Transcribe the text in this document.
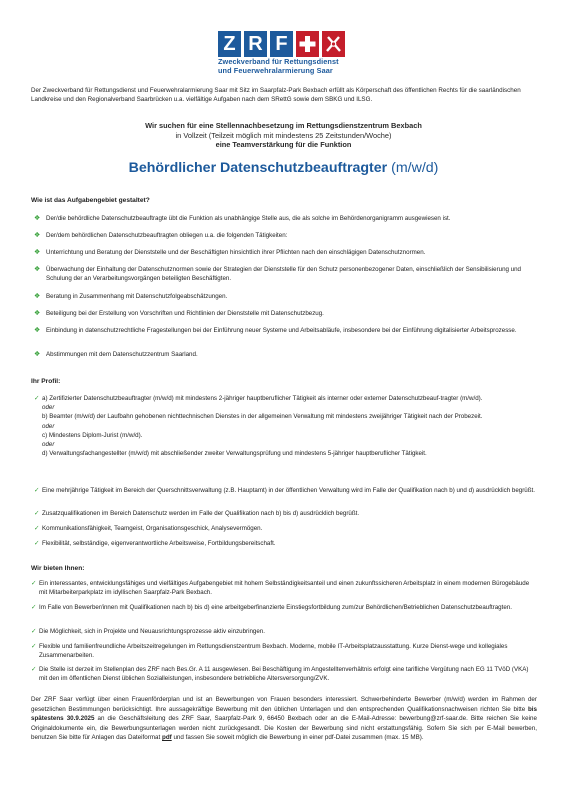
Z R F
Zweckverband für Rettungsdienst
und Feuerwehralarmierung Saar

Der Zweckverband für Rettungsdienst und Feuerwehralarmierung Saar mit Sitz im Saarpfalz-Park Bexbach erfüllt als Körperschaft des öffentlichen Rechts für die saarländischen Landkreise und den Regionalverband Saarbrücken u.a. vielfältige Aufgaben nach dem SRettG sowie dem SBKG und ILSG.

Wir suchen für eine Stellennachbesetzung im Rettungsdienstzentrum Bexbach
in Vollzeit (Teilzeit möglich mit mindestens 25 Zeitstunden/Woche)
eine Teamverstärkung für die Funktion
Behördlicher Datenschutzbeauftragter (m/w/d)
Wie ist das Aufgabengebiet gestaltet?
❖ Der/die behördliche Datenschutzbeauftragte übt die Funktion als unabhängige Stelle aus, die als solche im Behördenorganigramm ausgewiesen ist.
❖ Der/dem behördlichen Datenschutzbeauftragten obliegen u.a. die folgenden Tätigkeiten:
❖ Unterrichtung und Beratung der Dienststelle und der Beschäftigten hinsichtlich ihrer Pflichten nach den einschlägigen Datenschutznormen.
❖ Überwachung der Einhaltung der Datenschutznormen sowie der Strategien der Dienststelle für den Schutz personenbezogener Daten, einschließlich der Sensibilisierung und Schulung der an Verarbeitungsvorgängen beteiligten Beschäftigten.
❖ Beratung in Zusammenhang mit Datenschutzfolgeabschätzungen.
❖ Beteiligung bei der Erstellung von Vorschriften und Richtlinien der Dienststelle mit Datenschutzbezug.
❖ Einbindung in datenschutzrechtliche Fragestellungen bei der Einführung neuer Systeme und Arbeitsabläufe, insbesondere bei der Einführung digitalisierter Arbeitsprozesse.
❖ Abstimmungen mit dem Datenschutzzentrum Saarland.
Ihr Profil:
✓ a) Zertifizierter Datenschutzbeauftragter (m/w/d) mit mindestens 2-jähriger hauptberuflicher Tätigkeit als interner oder externer Datenschutzbeauf-tragter (m/w/d).
oder
b) Beamter (m/w/d) der Laufbahn gehobenen nichttechnischen Dienstes in der allgemeinen Verwaltung mit mindestens zweijähriger Tätigkeit nach der Probezeit.
oder
c) Mindestens Diplom-Jurist (m/w/d).
oder
d) Verwaltungsfachangestellter (m/w/d) mit abschließender zweiter Verwaltungsprüfung und mindestens 5-jähriger hauptberuflicher Tätigkeit.
✓ Eine mehrjährige Tätigkeit im Bereich der Querschnittsverwaltung (z.B. Hauptamt) in der öffentlichen Verwaltung wird im Falle der Qualifikation nach b) und d) ausdrücklich begrüßt.
✓ Zusatzqualifikationen im Bereich Datenschutz werden im Falle der Qualifikation nach b) bis d) ausdrücklich begrüßt.
✓ Kommunikationsfähigkeit, Teamgeist, Organisationsgeschick, Analysevermögen.
✓ Flexibilität, selbständige, eigenverantwortliche Arbeitsweise, Fortbildungsbereitschaft.
Wir bieten Ihnen:
✓ Ein interessantes, entwicklungsfähiges und vielfältiges Aufgabengebiet mit hohem Selbständigkeitsanteil und einen zukunftssicheren Arbeitsplatz in einem modernen Bürogebäude mit Mitarbeiterparkplatz im idyllischen Saarpfalz-Park Bexbach.
✓ Im Falle von Bewerber/innen mit Qualifikationen nach b) bis d) eine arbeitgeberfinanzierte Einstiegsfortbildung zum/zur Behördlichen/Betrieblichen Datenschutzbeauftragten.
✓ Die Möglichkeit, sich in Projekte und Neuausrichtungsprozesse aktiv einzubringen.
✓ Flexible und familienfreundliche Arbeitszeitregelungen im Rettungsdienstzentrum Bexbach. Moderne, mobile IT-Arbeitsplatzausstattung. Kurze Dienst-wege und kollegiales Zusammenarbeiten.
✓ Die Stelle ist derzeit im Stellenplan des ZRF nach Bes.Gr. A 11 ausgewiesen. Bei Beschäftigung im Angestelltenverhältnis erfolgt eine tarifliche Vergütung nach EG 11 TVöD (VKA) mit den im öffentlichen Dienst üblichen Sozialleistungen, insbesondere betriebliche Altersversorgung/ZVK.

Der ZRF Saar verfügt über einen Frauenförderplan und ist an Bewerbungen von Frauen besonders interessiert. Schwerbehinderte Bewerber (m/w/d) werden im Rahmen der gesetzlichen Bestimmungen berücksichtigt. Ihre aussagekräftige Bewerbung mit den üblichen Unterlagen und den entsprechenden Qualifikationsnachweisen richten Sie bitte bis spätestens 30.9.2025 an die Geschäftsleitung des ZRF Saar, Saarpfalz-Park 9, 66450 Bexbach oder an die E-Mail-Adresse: bewerbung@zrf-saar.de. Bitte reichen Sie keine Originaldokumente ein, die Bewerbungsunterlagen werden nicht zurückgesandt. Die Kosten der Bewerbung sind nicht erstattungsfähig. Sofern Sie sich per E-Mail bewerben, benutzen Sie bitte für Anlagen das Dateiformat pdf und fassen Sie soweit möglich die Bewerbung in einer pdf-Datei zusammen (max. 15 MB).
